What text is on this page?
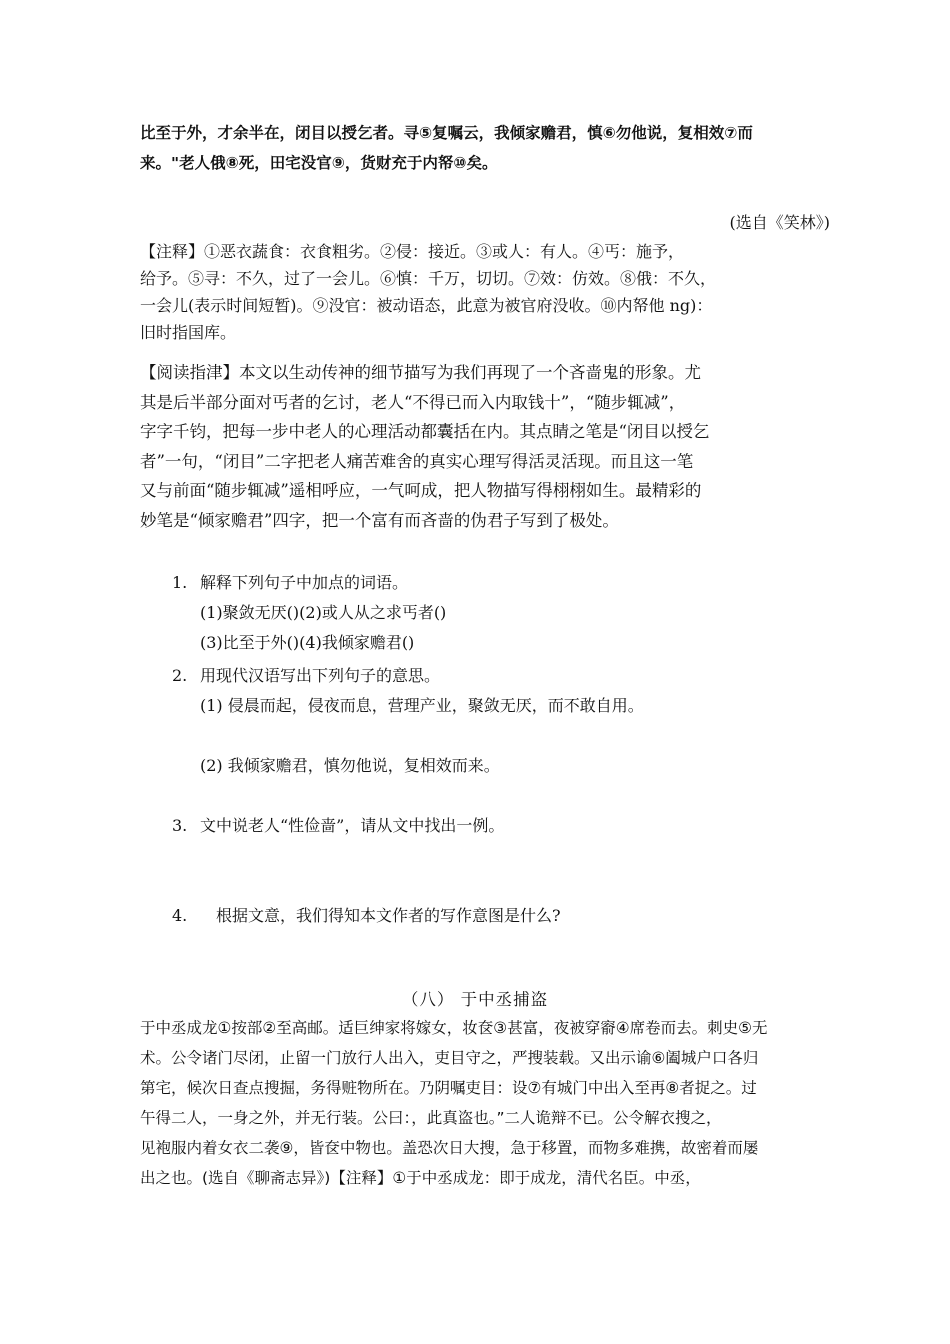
比至于外，才余半在，闭目以授乞者。寻⑤复嘱云，我倾家赡君，慎⑥勿他说，复相效⑦而
来。"老人俄⑧死，田宅没官⑨，货财充于内帑⑩矣。
(选自《笑林》)
【注释】①恶衣蔬食：衣食粗劣。②侵：接近。③或人：有人。④丐：施予，
给予。⑤寻：不久，过了一会儿。⑥慎：千万，切切。⑦效：仿效。⑧俄：不久，
一会儿(表示时间短暂)。⑨没官：被动语态，此意为被官府没收。⑩内帑他 ng)：
旧时指国库。
【阅读指津】本文以生动传神的细节描写为我们再现了一个吝啬鬼的形象。尤
其是后半部分面对丐者的乞讨，老人“不得已而入内取钱十”，“随步辄减”，
字字千钧，把每一步中老人的心理活动都囊括在内。其点睛之笔是“闭目以授乞
者”一句，“闭目”二字把老人痛苦难舍的真实心理写得活灵活现。而且这一笔
又与前面“随步辄减”遥相呼应，一气呵成，把人物描写得栩栩如生。最精彩的
妙笔是“倾家赡君”四字，把一个富有而吝啬的伪君子写到了极处。
1. 解释下列句子中加点的词语。
(1)聚敛无厌()(2)或人从之求丐者()
(3)比至于外()(4)我倾家赡君()
2. 用现代汉语写出下列句子的意思。
(1) 侵晨而起，侵夜而息，营理产业，聚敛无厌，而不敢自用。
(2) 我倾家赡君，慎勿他说，复相效而来。
3. 文中说老人“性俭啬”，请从文中找出一例。
4. 根据文意，我们得知本文作者的写作意图是什么?
（八） 于中丞捕盗
于中丞成龙①按部②至高邮。适巨绅家将嫁女，妆奁③甚富，夜被穿窬④席卷而去。刺史⑤无
术。公令诸门尽闭，止留一门放行人出入，吏目守之，严搜装载。又出示谕⑥阖城户口各归
第宅，候次日查点搜掘，务得赃物所在。乃阴嘱吏目：设⑦有城门中出入至再⑧者捉之。过
午得二人，一身之外，并无行装。公曰：，此真盗也。”二人诡辩不已。公令解衣搜之，
见袍服内着女衣二袭⑨，皆奁中物也。盖恐次日大搜，急于移置，而物多难携，故密着而屡
出之也。(选自《聊斋志异》)【注释】①于中丞成龙：即于成龙，清代名臣。中丞，
